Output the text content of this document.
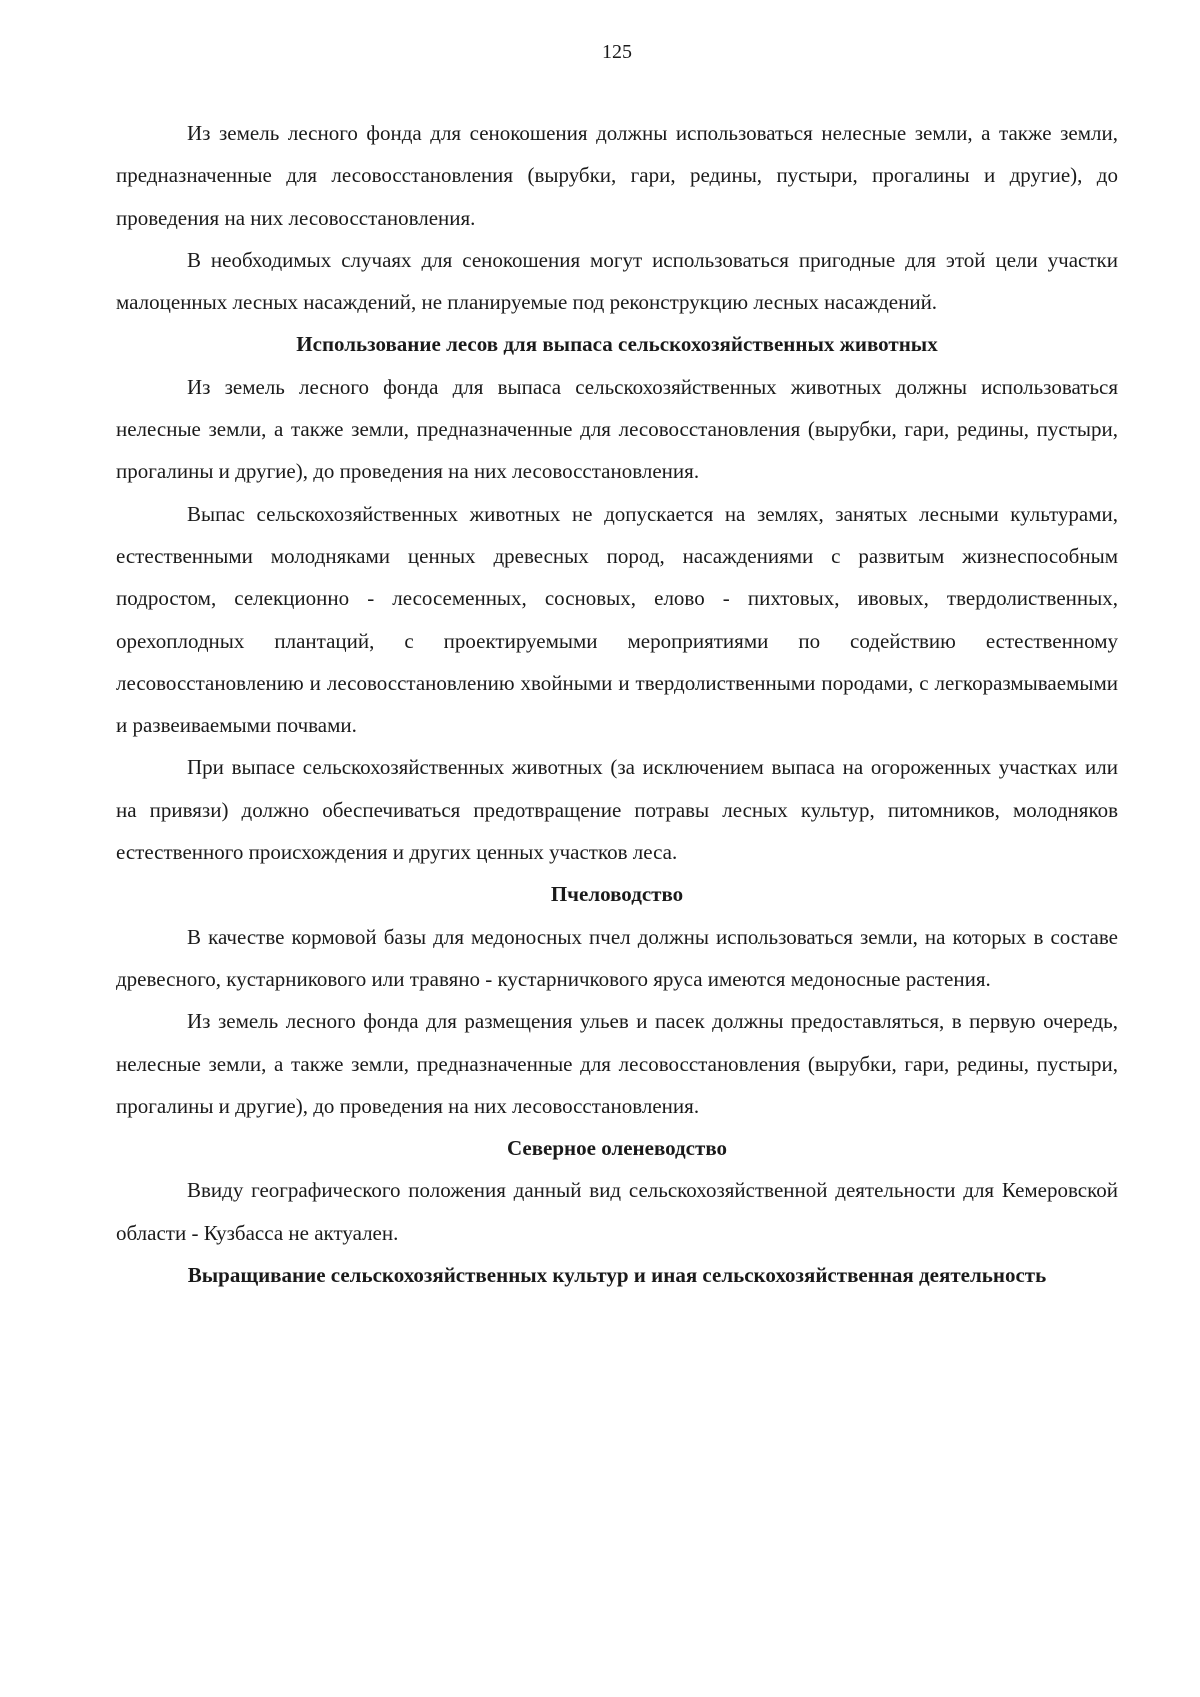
125

Из земель лесного фонда для сенокошения должны использоваться нелесные земли, а также земли, предназначенные для лесовосстановления (вырубки, гари, редины, пустыри, прогалины и другие), до проведения на них лесовосстановления.

В необходимых случаях для сенокошения могут использоваться пригодные для этой цели участки малоценных лесных насаждений, не планируемые под реконструкцию лесных насаждений.

Использование лесов для выпаса сельскохозяйственных животных

Из земель лесного фонда для выпаса сельскохозяйственных животных должны использоваться нелесные земли, а также земли, предназначенные для лесовосстановления (вырубки, гари, редины, пустыри, прогалины и другие), до проведения на них лесовосстановления.

Выпас сельскохозяйственных животных не допускается на землях, занятых лесными культурами, естественными молодняками ценных древесных пород, насаждениями с развитым жизнеспособным подростом, селекционно - лесосеменных, сосновых, елово - пихтовых, ивовых, твердолиственных, орехоплодных плантаций, с проектируемыми мероприятиями по содействию естественному лесовосстановлению и лесовосстановлению хвойными и твердолиственными породами, с легкоразмываемыми и развеиваемыми почвами.

При выпасе сельскохозяйственных животных (за исключением выпаса на огороженных участках или на привязи) должно обеспечиваться предотвращение потравы лесных культур, питомников, молодняков естественного происхождения и других ценных участков леса.

Пчеловодство

В качестве кормовой базы для медоносных пчел должны использоваться земли, на которых в составе древесного, кустарникового или травяно - кустарничкового яруса имеются медоносные растения.

Из земель лесного фонда для размещения ульев и пасек должны предоставляться, в первую очередь, нелесные земли, а также земли, предназначенные для лесовосстановления (вырубки, гари, редины, пустыри, прогалины и другие), до проведения на них лесовосстановления.

Северное оленеводство

Ввиду географического положения данный вид сельскохозяйственной деятельности для Кемеровской области - Кузбасса не актуален.

Выращивание сельскохозяйственных культур и иная сельскохозяйственная деятельность
